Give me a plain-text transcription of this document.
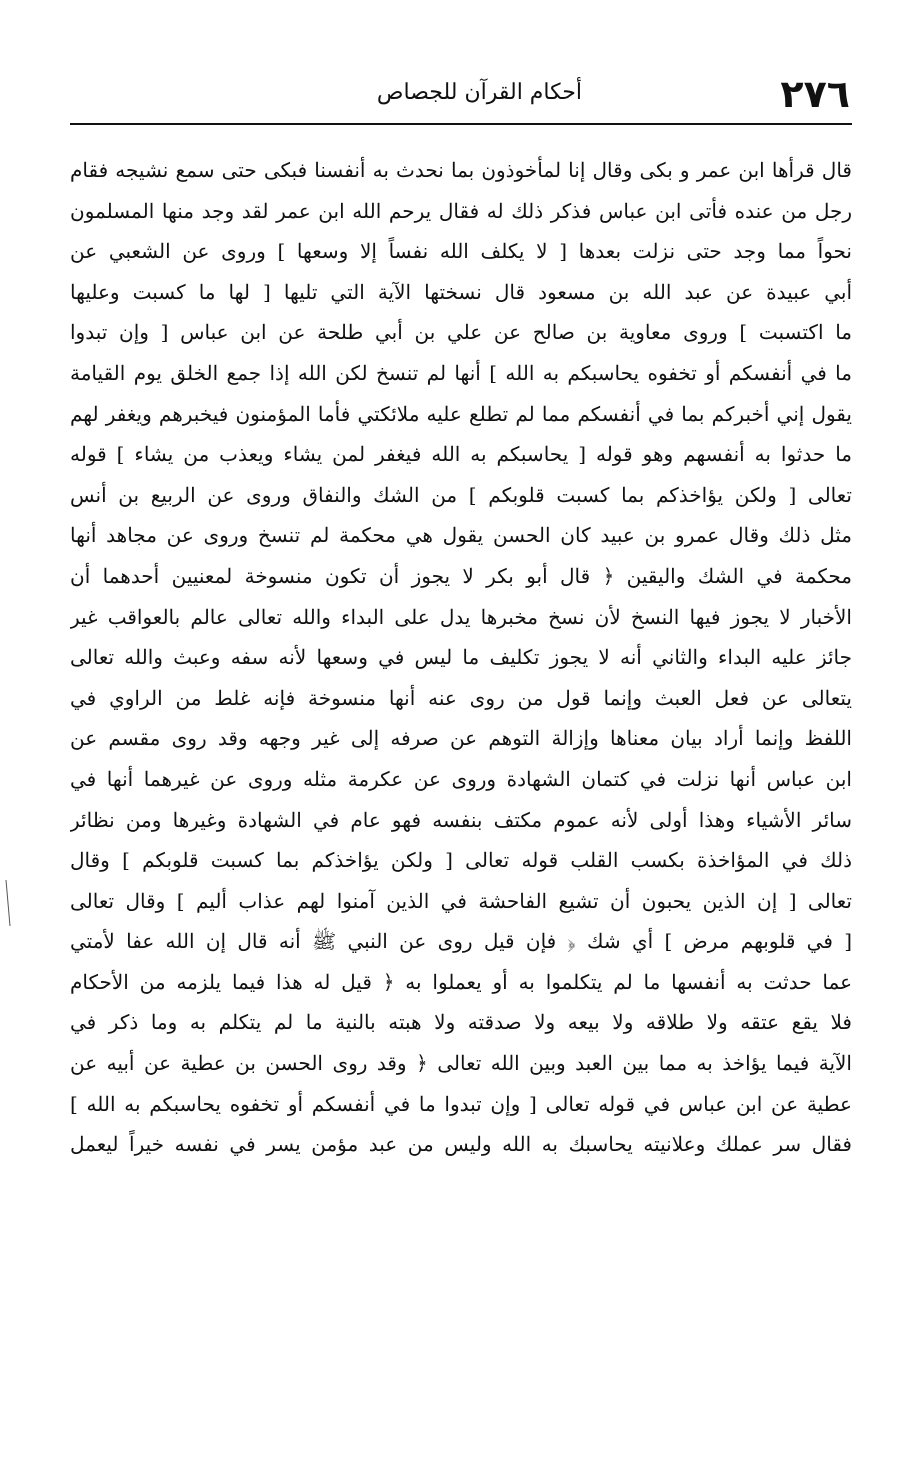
٢٧٦
أحكام القرآن للجصاص
قال قرأها ابن عمر و بكى وقال إنا لمأخوذون بما نحدث به أنفسنا فبكى حتى سمع نشيجه فقام
رجل من عنده فأتى ابن عباس فذكر ذلك له فقال يرحم الله ابن عمر لقد وجد منها المسلمون
نحواً مما وجد حتى نزلت بعدها [ لا يكلف الله نفساً إلا وسعها ] وروى عن الشعبي عن
أبي عبيدة عن عبد الله بن مسعود قال نسختها الآية التي تليها [ لها ما كسبت وعليها
ما اكتسبت ] وروى معاوية بن صالح عن علي بن أبي طلحة عن ابن عباس [ وإن تبدوا
ما في أنفسكم أو تخفوه يحاسبكم به الله ] أنها لم تنسخ لكن الله إذا جمع الخلق يوم القيامة
يقول إني أخبركم بما في أنفسكم مما لم تطلع عليه ملائكتي فأما المؤمنون فيخبرهم ويغفر لهم
ما حدثوا به أنفسهم وهو قوله [ يحاسبكم به الله فيغفر لمن يشاء ويعذب من يشاء ] قوله
تعالى [ ولكن يؤاخذكم بما كسبت قلوبكم ] من الشك والنفاق وروى عن الربيع بن أنس
مثل ذلك وقال عمرو بن عبيد كان الحسن يقول هي محكمة لم تنسخ وروى عن مجاهد أنها
محكمة في الشك واليقين ﴿ قال أبو بكر لا يجوز أن تكون منسوخة لمعنيين أحدهما أن
الأخبار لا يجوز فيها النسخ لأن نسخ مخبرها يدل على البداء والله تعالى عالم بالعواقب غير
جائز عليه البداء والثاني أنه لا يجوز تكليف ما ليس في وسعها لأنه سفه وعبث والله تعالى
يتعالى عن فعل العبث وإنما قول من روى عنه أنها منسوخة فإنه غلط من الراوي في
اللفظ وإنما أراد بيان معناها وإزالة التوهم عن صرفه إلى غير وجهه وقد روى مقسم عن
ابن عباس أنها نزلت في كتمان الشهادة وروى عن عكرمة مثله وروى عن غيرهما أنها في
سائر الأشياء وهذا أولى لأنه عموم مكتف بنفسه فهو عام في الشهادة وغيرها ومن نظائر
ذلك في المؤاخذة بكسب القلب قوله تعالى [ ولكن يؤاخذكم بما كسبت قلوبكم ] وقال
تعالى [ إن الذين يحبون أن تشيع الفاحشة في الذين آمنوا لهم عذاب أليم ] وقال تعالى
[ في قلوبهم مرض ] أي شك ﴿ فإن قيل روى عن النبي ﷺ أنه قال إن الله عفا لأمتي
عما حدثت به أنفسها ما لم يتكلموا به أو يعملوا به ﴿ قيل له هذا فيما يلزمه من الأحكام
فلا يقع عتقه ولا طلاقه ولا بيعه ولا صدقته ولا هبته بالنية ما لم يتكلم به وما ذكر في
الآية فيما يؤاخذ به مما بين العبد وبين الله تعالى ﴿ وقد روى الحسن بن عطية عن أبيه عن
عطية عن ابن عباس في قوله تعالى [ وإن تبدوا ما في أنفسكم أو تخفوه يحاسبكم به الله ]
فقال سر عملك وعلانيته يحاسبك به الله وليس من عبد مؤمن يسر في نفسه خيراً ليعمل
